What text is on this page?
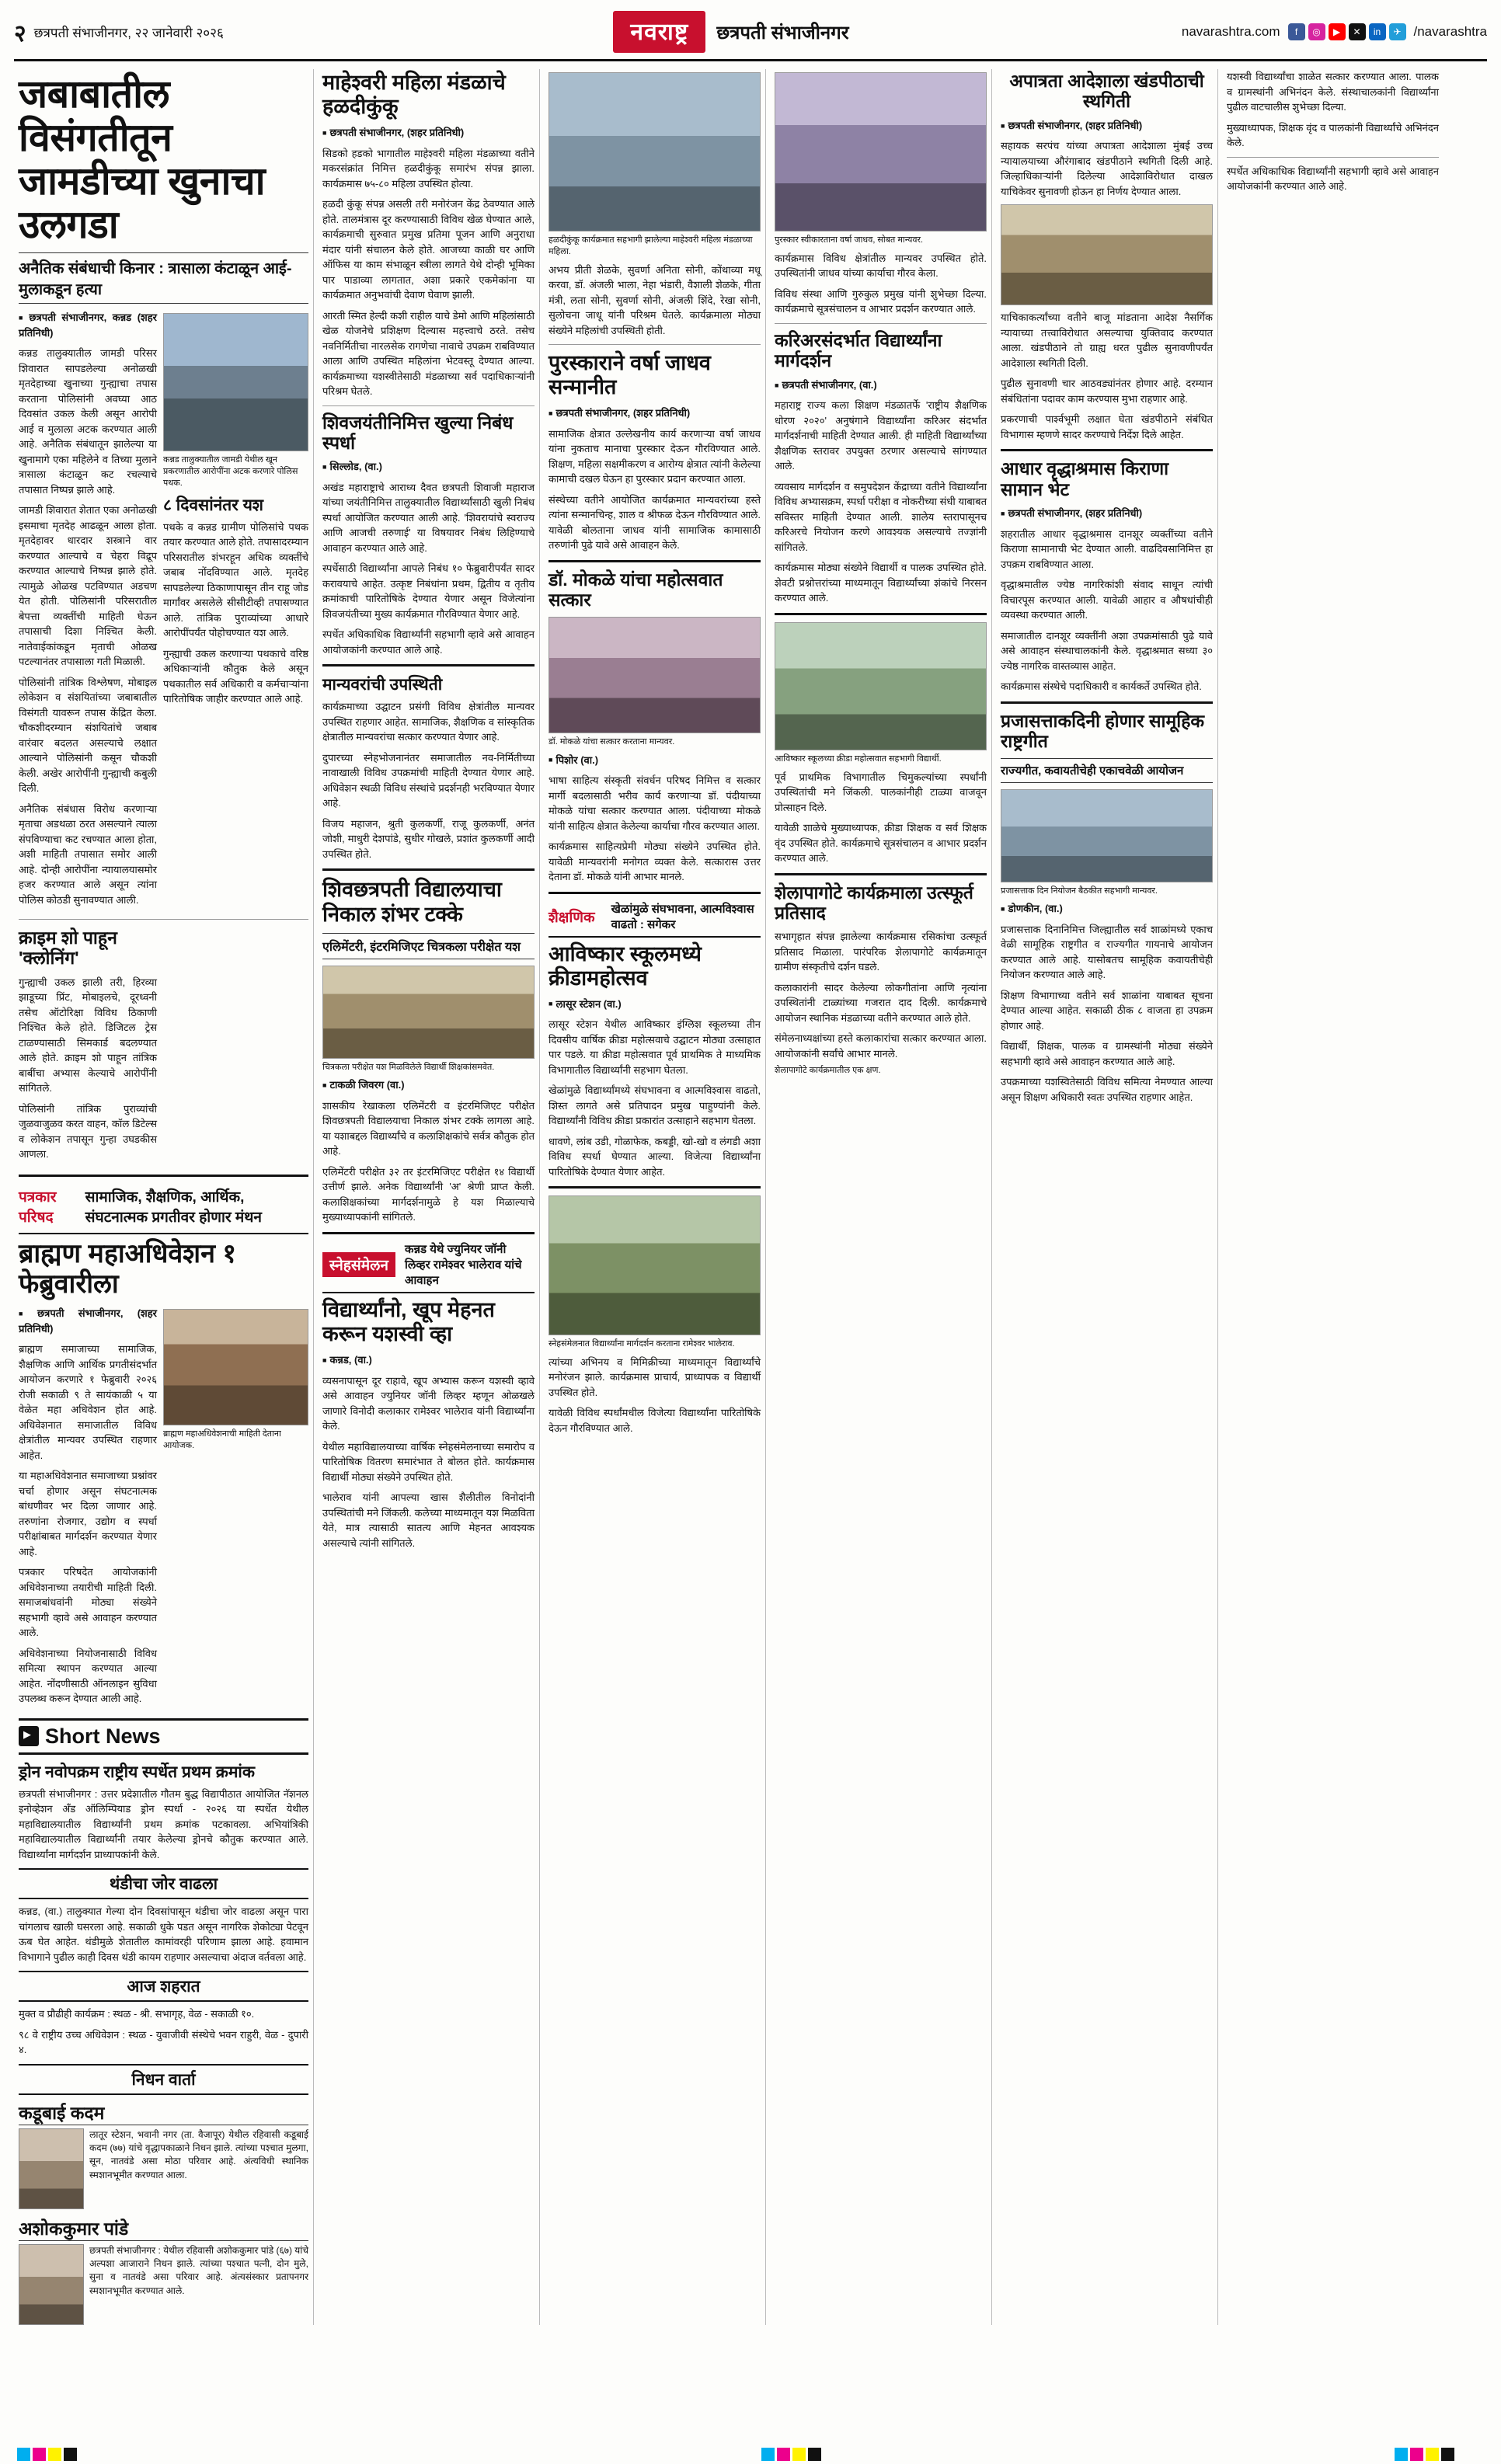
२ छत्रपती संभाजीनगर, २२ जानेवारी २०२६	नवराष्ट्र	छत्रपती संभाजीनगर	navarashtra.com	f	◎	▶	✕	in	✈ /navarashtra
जबाबातील विसंगतीतून जामडीच्या खुनाचा उलगडा
अनैतिक संबंधाची किनार : त्रासाला कंटाळून आई-मुलाकडून हत्या

■ छत्रपती संभाजीनगर, कन्नड (शहर प्रतिनिधी)

कन्नड तालुक्यातील जामडी परिसर शिवारात सापडलेल्या अनोळखी मृतदेहाच्या खुनाच्या गुन्ह्याचा तपास करताना पोलिसांनी अवघ्या आठ दिवसांत उकल केली असून आरोपी आई व मुलाला अटक करण्यात आली आहे. अनैतिक संबंधातून झालेल्या या खुनामागे एका महिलेने व तिच्या मुलाने त्रासाला कंटाळून कट रचल्याचे तपासात निष्पन्न झाले आहे.

जामडी शिवारात शेतात एका अनोळखी इसमाचा मृतदेह आढळून आला होता. मृतदेहावर धारदार शस्त्राने वार करण्यात आल्याचे व चेहरा विद्रूप करण्यात आल्याचे निष्पन्न झाले होते. त्यामुळे ओळख पटविण्यात अडचण येत होती. पोलिसांनी परिसरातील बेपत्ता व्यक्तींची माहिती घेऊन तपासाची दिशा निश्चित केली. नातेवाईकांकडून मृताची ओळख पटल्यानंतर तपासाला गती मिळाली.

पोलिसांनी तांत्रिक विश्लेषण, मोबाइल लोकेशन व संशयितांच्या जबाबातील विसंगती यावरून तपास केंद्रित केला. चौकशीदरम्यान संशयितांचे जबाब वारंवार बदलत असल्याचे लक्षात आल्याने पोलिसांनी कसून चौकशी केली. अखेर आरोपींनी गुन्ह्याची कबुली दिली.

अनैतिक संबंधास विरोध करणाऱ्या मृताचा अडथळा ठरत असल्याने त्याला संपविण्याचा कट रचण्यात आला होता, अशी माहिती तपासात समोर आली आहे. दोन्ही आरोपींना न्यायालयासमोर हजर करण्यात आले असून त्यांना पोलिस कोठडी सुनावण्यात आली.

कन्नड तालुक्यातील जामडी येथील खून प्रकरणातील आरोपींना अटक करणारे पोलिस पथक.

८ दिवसांनंतर यश

पथके व कन्नड ग्रामीण पोलिसांचे पथक तयार करण्यात आले होते. तपासादरम्यान परिसरातील शंभरहून अधिक व्यक्तींचे जबाब नोंदविण्यात आले. मृतदेह सापडलेल्या ठिकाणापासून तीन राहू जोड मार्गांवर असलेले सीसीटीव्ही तपासण्यात आले. तांत्रिक पुराव्यांच्या आधारे आरोपींपर्यंत पोहोचण्यात यश आले.

गुन्ह्याची उकल करणाऱ्या पथकाचे वरिष्ठ अधिकाऱ्यांनी कौतुक केले असून पथकातील सर्व अधिकारी व कर्मचाऱ्यांना पारितोषिक जाहीर करण्यात आले आहे.

क्राइम शो पाहून 'क्लोनिंग'

गुन्ह्याची उकल झाली तरी, हिरव्या झाडूच्या प्रिंट, मोबाइलचे, दूरध्वनी तसेच ऑटोरिक्षा विविध ठिकाणी निश्चित केले होते. डिजिटल ट्रेस टाळण्यासाठी सिमकार्ड बदलण्यात आले होते. क्राइम शो पाहून तांत्रिक बाबींचा अभ्यास केल्याचे आरोपींनी सांगितले.

पोलिसांनी तांत्रिक पुराव्यांची जुळवाजुळव करत वाहन, कॉल डिटेल्स व लोकेशन तपासून गुन्हा उघडकीस आणला.

पत्रकार परिषद
सामाजिक, शैक्षणिक, आर्थिक, संघटनात्मक प्रगतीवर होणार मंथन
ब्राह्मण महाअधिवेशन १ फेब्रुवारीला

■ छत्रपती संभाजीनगर, (शहर प्रतिनिधी)

ब्राह्मण समाजाच्या सामाजिक, शैक्षणिक आणि आर्थिक प्रगतीसंदर्भात आयोजन करणारे १ फेब्रुवारी २०२६ रोजी सकाळी ९ ते सायंकाळी ५ या वेळेत महा अधिवेशन होत आहे. अधिवेशनात समाजातील विविध क्षेत्रांतील मान्यवर उपस्थित राहणार आहेत.

या महाअधिवेशनात समाजाच्या प्रश्नांवर चर्चा होणार असून संघटनात्मक बांधणीवर भर दिला जाणार आहे. तरुणांना रोजगार, उद्योग व स्पर्धा परीक्षांबाबत मार्गदर्शन करण्यात येणार आहे.

पत्रकार परिषदेत आयोजकांनी अधिवेशनाच्या तयारीची माहिती दिली. समाजबांधवांनी मोठ्या संख्येने सहभागी व्हावे असे आवाहन करण्यात आले.

अधिवेशनाच्या नियोजनासाठी विविध समित्या स्थापन करण्यात आल्या आहेत. नोंदणीसाठी ऑनलाइन सुविधा उपलब्ध करून देण्यात आली आहे.

ब्राह्मण महाअधिवेशनाची माहिती देताना आयोजक.

▶
Short News
ड्रोन नवोपक्रम राष्ट्रीय स्पर्धेत प्रथम क्रमांक

छत्रपती संभाजीनगर : उत्तर प्रदेशातील गौतम बुद्ध विद्यापीठात आयोजित नॅशनल इनोव्हेशन अँड ऑलिम्पियाड ड्रोन स्पर्धा - २०२६ या स्पर्धेत येथील महाविद्यालयातील विद्यार्थ्यांनी प्रथम क्रमांक पटकावला. अभियांत्रिकी महाविद्यालयातील विद्यार्थ्यांनी तयार केलेल्या ड्रोनचे कौतुक करण्यात आले. विद्यार्थ्यांना मार्गदर्शन प्राध्यापकांनी केले.

थंडीचा जोर वाढला

कन्नड, (वा.) तालुक्यात गेल्या दोन दिवसांपासून थंडीचा जोर वाढला असून पारा चांगलाच खाली घसरला आहे. सकाळी धुके पडत असून नागरिक शेकोट्या पेटवून ऊब घेत आहेत. थंडीमुळे शेतातील कामांवरही परिणाम झाला आहे. हवामान विभागाने पुढील काही दिवस थंडी कायम राहणार असल्याचा अंदाज वर्तवला आहे.

आज शहरात

मुक्त व प्रौढीही कार्यक्रम : स्थळ - श्री. सभागृह, वेळ - सकाळी १०.

९८ वे राष्ट्रीय उच्च अधिवेशन : स्थळ - युवाजीवी संस्थेचे भवन राहुरी, वेळ - दुपारी ४.

निधन वार्ता
कडूबाई कदम
लातूर स्टेशन, भवानी नगर (ता. वैजापूर) येथील रहिवासी कडूबाई कदम (७७) यांचे वृद्धापकाळाने निधन झाले. त्यांच्या पश्चात मुलगा, सून, नातवंडे असा मोठा परिवार आहे. अंत्यविधी स्थानिक स्मशानभूमीत करण्यात आला.
अशोककुमार पांडे
छत्रपती संभाजीनगर : येथील रहिवासी अशोककुमार पांडे (६७) यांचे अल्पशा आजाराने निधन झाले. त्यांच्या पश्चात पत्नी, दोन मुले, सुना व नातवंडे असा परिवार आहे. अंत्यसंस्कार प्रतापनगर स्मशानभूमीत करण्यात आले.
माहेश्वरी महिला मंडळाचे हळदीकुंकू

■ छत्रपती संभाजीनगर, (शहर प्रतिनिधी)

सिडको हडको भागातील माहेश्वरी महिला मंडळाच्या वतीने मकरसंक्रांत निमित्त हळदीकुंकू समारंभ संपन्न झाला. कार्यक्रमास ७५-८० महिला उपस्थित होत्या.

हळदी कुंकू संपन्न असली तरी मनोरंजन केंद्र ठेवण्यात आले होते. तालमंत्रास दूर करण्यासाठी विविध खेळ घेण्यात आले, कार्यक्रमाची सुरुवात प्रमुख प्रतिमा पूजन आणि अनुराधा मंदार यांनी संचालन केले होते. आजच्या काळी घर आणि ऑफिस या काम संभाळून स्त्रीला लागते येथे दोन्ही भूमिका पार पाडाव्या लागतात, अशा प्रकारे एकमेकांना या कार्यक्रमात अनुभवांची देवाण घेवाण झाली.

आरती स्मित हेल्दी कशी राहील याचे डेमो आणि महिलांसाठी खेळ योजनेचे प्रशिक्षण दिल्यास महत्त्वाचे ठरते. तसेच नवनिर्मितीचा नारलसेक रागणेचा नावाचे उपक्रम राबविण्यात आला आणि उपस्थित महिलांना भेटवस्तू देण्यात आल्या. कार्यक्रमाच्या यशस्वीतेसाठी मंडळाच्या सर्व पदाधिकाऱ्यांनी परिश्रम घेतले.

शिवजयंतीनिमित्त खुल्या निबंध स्पर्धा

■ सिल्लोड, (वा.)

अखंड महाराष्ट्राचे आराध्य दैवत छत्रपती शिवाजी महाराज यांच्या जयंतीनिमित्त तालुक्यातील विद्यार्थ्यांसाठी खुली निबंध स्पर्धा आयोजित करण्यात आली आहे. 'शिवरायांचे स्वराज्य आणि आजची तरुणाई' या विषयावर निबंध लिहिण्याचे आवाहन करण्यात आले आहे.

स्पर्धेसाठी विद्यार्थ्यांना आपले निबंध १० फेब्रुवारीपर्यंत सादर करावयाचे आहेत. उत्कृष्ट निबंधांना प्रथम, द्वितीय व तृतीय क्रमांकाची पारितोषिके देण्यात येणार असून विजेत्यांना शिवजयंतीच्या मुख्य कार्यक्रमात गौरविण्यात येणार आहे.

स्पर्धेत अधिकाधिक विद्यार्थ्यांनी सहभागी व्हावे असे आवाहन आयोजकांनी करण्यात आले आहे.

मान्यवरांची उपस्थिती

कार्यक्रमाच्या उद्घाटन प्रसंगी विविध क्षेत्रांतील मान्यवर उपस्थित राहणार आहेत. सामाजिक, शैक्षणिक व सांस्कृतिक क्षेत्रातील मान्यवरांचा सत्कार करण्यात येणार आहे.

दुपारच्या स्नेहभोजनानंतर समाजातील नव-निर्मितीच्या नावाखाली विविध उपक्रमांची माहिती देण्यात येणार आहे. अधिवेशन स्थळी विविध संस्थांचे प्रदर्शनही भरविण्यात येणार आहे.

विजय महाजन, श्रुती कुलकर्णी, राजू कुलकर्णी, अनंत जोशी, माधुरी देशपांडे, सुधीर गोखले, प्रशांत कुलकर्णी आदी उपस्थित होते.

शिवछत्रपती विद्यालयाचा निकाल शंभर टक्के
एलिमेंटरी, इंटरमिजिएट चित्रकला परीक्षेत यश

चित्रकला परीक्षेत यश मिळविलेले विद्यार्थी शिक्षकांसमवेत.

■ टाकळी जिवरग (वा.)

शासकीय रेखाकला एलिमेंटरी व इंटरमिजिएट परीक्षेत शिवछत्रपती विद्यालयाचा निकाल शंभर टक्के लागला आहे. या यशाबद्दल विद्यार्थ्यांचे व कलाशिक्षकांचे सर्वत्र कौतुक होत आहे.

एलिमेंटरी परीक्षेत ३२ तर इंटरमिजिएट परीक्षेत १४ विद्यार्थी उत्तीर्ण झाले. अनेक विद्यार्थ्यांनी 'अ' श्रेणी प्राप्त केली. कलाशिक्षकांच्या मार्गदर्शनामुळे हे यश मिळाल्याचे मुख्याध्यापकांनी सांगितले.

स्नेहसंमेलन
कन्नड येथे ज्युनियर जॉनी लिव्हर रामेश्वर भालेराव यांचे आवाहन
विद्यार्थ्यांनो, खूप मेहनत करून यशस्वी व्हा

■ कन्नड, (वा.)

व्यसनापासून दूर राहावे, खूप अभ्यास करून यशस्वी व्हावे असे आवाहन ज्युनियर जॉनी लिव्हर म्हणून ओळखले जाणारे विनोदी कलाकार रामेश्वर भालेराव यांनी विद्यार्थ्यांना केले.

येथील महाविद्यालयाच्या वार्षिक स्नेहसंमेलनाच्या समारोप व पारितोषिक वितरण समारंभात ते बोलत होते. कार्यक्रमास विद्यार्थी मोठ्या संख्येने उपस्थित होते.

भालेराव यांनी आपल्या खास शैलीतील विनोदांनी उपस्थितांची मने जिंकली. कलेच्या माध्यमातून यश मिळविता येते, मात्र त्यासाठी सातत्य आणि मेहनत आवश्यक असल्याचे त्यांनी सांगितले.

हळदीकुंकू कार्यक्रमात सहभागी झालेल्या माहेश्वरी महिला मंडळाच्या महिला.

अभय प्रीती शेळके, सुवर्णा अनिता सोनी, कोंथाव्या मधू करवा, डॉ. अंजली भाला, नेहा भंडारी, वैशाली शेळके, गीता मंत्री, लता सोनी, सुवर्णा सोनी, अंजली शिंदे, रेखा सोनी, सुलोचना जाधू यांनी परिश्रम घेतले. कार्यक्रमाला मोठ्या संख्येने महिलांची उपस्थिती होती.

पुरस्काराने वर्षा जाधव सन्मानीत

■ छत्रपती संभाजीनगर, (शहर प्रतिनिधी)

सामाजिक क्षेत्रात उल्लेखनीय कार्य करणाऱ्या वर्षा जाधव यांना नुकताच मानाचा पुरस्कार देऊन गौरविण्यात आले. शिक्षण, महिला सक्षमीकरण व आरोग्य क्षेत्रात त्यांनी केलेल्या कामाची दखल घेऊन हा पुरस्कार प्रदान करण्यात आला.

संस्थेच्या वतीने आयोजित कार्यक्रमात मान्यवरांच्या हस्ते त्यांना सन्मानचिन्ह, शाल व श्रीफळ देऊन गौरविण्यात आले. यावेळी बोलताना जाधव यांनी सामाजिक कामासाठी तरुणांनी पुढे यावे असे आवाहन केले.

डॉ. मोकळे यांचा महोत्सवात सत्कार

डॉ. मोकळे यांचा सत्कार करताना मान्यवर.

■ पिशोर (वा.)

भाषा साहित्य संस्कृती संवर्धन परिषद निमित्त व सत्कार मार्गी बदलासाठी भरीव कार्य करणाऱ्या डॉ. पंदीयाच्या मोकळे यांचा सत्कार करण्यात आला. पंदीयाच्या मोकळे यांनी साहित्य क्षेत्रात केलेल्या कार्याचा गौरव करण्यात आला.

कार्यक्रमास साहित्यप्रेमी मोठ्या संख्येने उपस्थित होते. यावेळी मान्यवरांनी मनोगत व्यक्त केले. सत्कारास उत्तर देताना डॉ. मोकळे यांनी आभार मानले.

शैक्षणिक
खेळांमुळे संघभावना, आत्मविश्वास वाढतो : सगेकर
आविष्कार स्कूलमध्ये क्रीडामहोत्सव

■ लासूर स्टेशन (वा.)

लासूर स्टेशन येथील आविष्कार इंग्लिश स्कूलच्या तीन दिवसीय वार्षिक क्रीडा महोत्सवाचे उद्घाटन मोठ्या उत्साहात पार पडले. या क्रीडा महोत्सवात पूर्व प्राथमिक ते माध्यमिक विभागातील विद्यार्थ्यांनी सहभाग घेतला.

खेळांमुळे विद्यार्थ्यांमध्ये संघभावना व आत्मविश्वास वाढतो, शिस्त लागते असे प्रतिपादन प्रमुख पाहुण्यांनी केले. विद्यार्थ्यांनी विविध क्रीडा प्रकारांत उत्साहाने सहभाग घेतला.

धावणे, लांब उडी, गोळाफेक, कबड्डी, खो-खो व लंगडी अशा विविध स्पर्धा घेण्यात आल्या. विजेत्या विद्यार्थ्यांना पारितोषिके देण्यात येणार आहेत.

स्नेहसंमेलनात विद्यार्थ्यांना मार्गदर्शन करताना रामेश्वर भालेराव.

त्यांच्या अभिनय व मिमिक्रीच्या माध्यमातून विद्यार्थ्यांचे मनोरंजन झाले. कार्यक्रमास प्राचार्य, प्राध्यापक व विद्यार्थी उपस्थित होते.

यावेळी विविध स्पर्धांमधील विजेत्या विद्यार्थ्यांना पारितोषिके देऊन गौरविण्यात आले.

पुरस्कार स्वीकारताना वर्षा जाधव, सोबत मान्यवर.

कार्यक्रमास विविध क्षेत्रांतील मान्यवर उपस्थित होते. उपस्थितांनी जाधव यांच्या कार्याचा गौरव केला.

विविध संस्था आणि गुरुकुल प्रमुख यांनी शुभेच्छा दिल्या. कार्यक्रमाचे सूत्रसंचालन व आभार प्रदर्शन करण्यात आले.

करिअरसंदर्भात विद्यार्थ्यांना मार्गदर्शन

■ छत्रपती संभाजीनगर, (वा.)

महाराष्ट्र राज्य कला शिक्षण मंडळातर्फे 'राष्ट्रीय शैक्षणिक धोरण २०२०' अनुषंगाने विद्यार्थ्यांना करिअर संदर्भात मार्गदर्शनाची माहिती देण्यात आली. ही माहिती विद्यार्थ्यांच्या शैक्षणिक स्तरावर उपयुक्त ठरणार असल्याचे सांगण्यात आले.

व्यवसाय मार्गदर्शन व समुपदेशन केंद्राच्या वतीने विद्यार्थ्यांना विविध अभ्यासक्रम, स्पर्धा परीक्षा व नोकरीच्या संधी याबाबत सविस्तर माहिती देण्यात आली. शालेय स्तरापासूनच करिअरचे नियोजन करणे आवश्यक असल्याचे तज्ज्ञांनी सांगितले.

कार्यक्रमास मोठ्या संख्येने विद्यार्थी व पालक उपस्थित होते. शेवटी प्रश्नोत्तरांच्या माध्यमातून विद्यार्थ्यांच्या शंकांचे निरसन करण्यात आले.

आविष्कार स्कूलच्या क्रीडा महोत्सवात सहभागी विद्यार्थी.

पूर्व प्राथमिक विभागातील चिमुकल्यांच्या स्पर्धांनी उपस्थितांची मने जिंकली. पालकांनीही टाळ्या वाजवून प्रोत्साहन दिले.

यावेळी शाळेचे मुख्याध्यापक, क्रीडा शिक्षक व सर्व शिक्षक वृंद उपस्थित होते. कार्यक्रमाचे सूत्रसंचालन व आभार प्रदर्शन करण्यात आले.

शेलापागोटे कार्यक्रमाला उत्स्फूर्त प्रतिसाद

सभागृहात संपन्न झालेल्या कार्यक्रमास रसिकांचा उत्स्फूर्त प्रतिसाद मिळाला. पारंपरिक शेलापागोटे कार्यक्रमातून ग्रामीण संस्कृतीचे दर्शन घडले.

कलाकारांनी सादर केलेल्या लोकगीतांना आणि नृत्यांना उपस्थितांनी टाळ्यांच्या गजरात दाद दिली. कार्यक्रमाचे आयोजन स्थानिक मंडळाच्या वतीने करण्यात आले होते.

संमेलनाध्यक्षांच्या हस्ते कलाकारांचा सत्कार करण्यात आला. आयोजकांनी सर्वांचे आभार मानले.

शेलापागोटे कार्यक्रमातील एक क्षण.

अपात्रता आदेशाला खंडपीठाची स्थगिती

■ छत्रपती संभाजीनगर, (शहर प्रतिनिधी)

सहायक सरपंच यांच्या अपात्रता आदेशाला मुंबई उच्च न्यायालयाच्या औरंगाबाद खंडपीठाने स्थगिती दिली आहे. जिल्हाधिकाऱ्यांनी दिलेल्या आदेशाविरोधात दाखल याचिकेवर सुनावणी होऊन हा निर्णय देण्यात आला.

याचिकाकर्त्यांच्या वतीने बाजू मांडताना आदेश नैसर्गिक न्यायाच्या तत्त्वाविरोधात असल्याचा युक्तिवाद करण्यात आला. खंडपीठाने तो ग्राह्य धरत पुढील सुनावणीपर्यंत आदेशाला स्थगिती दिली.

पुढील सुनावणी चार आठवड्यांनंतर होणार आहे. दरम्यान संबंधितांना पदावर काम करण्यास मुभा राहणार आहे.

प्रकरणाची पार्श्वभूमी लक्षात घेता खंडपीठाने संबंधित विभागास म्हणणे सादर करण्याचे निर्देश दिले आहेत.

आधार वृद्धाश्रमास किराणा सामान भेट

■ छत्रपती संभाजीनगर, (शहर प्रतिनिधी)

शहरातील आधार वृद्धाश्रमास दानशूर व्यक्तींच्या वतीने किराणा सामानाची भेट देण्यात आली. वाढदिवसानिमित्त हा उपक्रम राबविण्यात आला.

वृद्धाश्रमातील ज्येष्ठ नागरिकांशी संवाद साधून त्यांची विचारपूस करण्यात आली. यावेळी आहार व औषधांचीही व्यवस्था करण्यात आली.

समाजातील दानशूर व्यक्तींनी अशा उपक्रमांसाठी पुढे यावे असे आवाहन संस्थाचालकांनी केले. वृद्धाश्रमात सध्या ३० ज्येष्ठ नागरिक वास्तव्यास आहेत.

कार्यक्रमास संस्थेचे पदाधिकारी व कार्यकर्ते उपस्थित होते.

प्रजासत्ताकदिनी होणार सामूहिक राष्ट्रगीत
राज्यगीत, कवायतीचेही एकाचवेळी आयोजन

प्रजासत्ताक दिन नियोजन बैठकीत सहभागी मान्यवर.

■ डोणकीन, (वा.)

प्रजासत्ताक दिनानिमित्त जिल्ह्यातील सर्व शाळांमध्ये एकाच वेळी सामूहिक राष्ट्रगीत व राज्यगीत गायनाचे आयोजन करण्यात आले आहे. यासोबतच सामूहिक कवायतीचेही नियोजन करण्यात आले आहे.

शिक्षण विभागाच्या वतीने सर्व शाळांना याबाबत सूचना देण्यात आल्या आहेत. सकाळी ठीक ८ वाजता हा उपक्रम होणार आहे.

विद्यार्थी, शिक्षक, पालक व ग्रामस्थांनी मोठ्या संख्येने सहभागी व्हावे असे आवाहन करण्यात आले आहे.

उपक्रमाच्या यशस्वितेसाठी विविध समित्या नेमण्यात आल्या असून शिक्षण अधिकारी स्वतः उपस्थित राहणार आहेत.

यशस्वी विद्यार्थ्यांचा शाळेत सत्कार करण्यात आला. पालक व ग्रामस्थांनी अभिनंदन केले. संस्थाचालकांनी विद्यार्थ्यांना पुढील वाटचालीस शुभेच्छा दिल्या.

मुख्याध्यापक, शिक्षक वृंद व पालकांनी विद्यार्थ्यांचे अभिनंदन केले.

स्पर्धेत अधिकाधिक विद्यार्थ्यांनी सहभागी व्हावे असे आवाहन आयोजकांनी करण्यात आले आहे.
